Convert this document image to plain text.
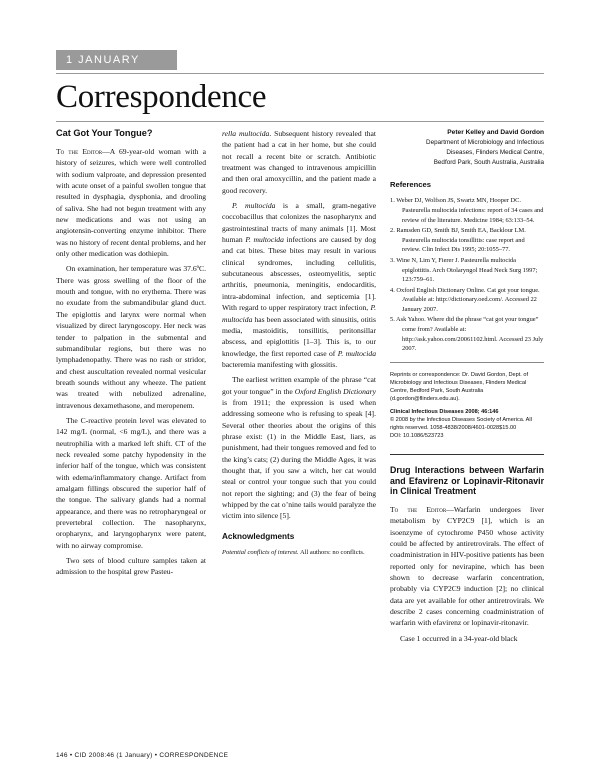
1 JANUARY
Correspondence
Cat Got Your Tongue?

To the Editor—A 69-year-old woman with a history of seizures, which were well controlled with sodium valproate, and depression presented with acute onset of a painful swollen tongue that resulted in dysphagia, dysphonia, and drooling of saliva. She had not begun treatment with any new medications and was not using an angiotensin-converting enzyme inhibitor. There was no history of recent dental problems, and her only other medication was dothiepin.

On examination, her temperature was 37.6ºC. There was gross swelling of the floor of the mouth and tongue, with no erythema. There was no exudate from the submandibular gland duct. The epiglottis and larynx were normal when visualized by direct laryngoscopy. Her neck was tender to palpation in the submental and submandibular regions, but there was no lymphadenopathy. There was no rash or stridor, and chest auscultation revealed normal vesicular breath sounds without any wheeze. The patient was treated with nebulized adrenaline, intravenous dexamethasone, and meropenem.

The C-reactive protein level was elevated to 142 mg/L (normal, <6 mg/L), and there was a neutrophilia with a marked left shift. CT of the neck revealed some patchy hypodensity in the inferior half of the tongue, which was consistent with edema/inflammatory change. Artifact from amalgam fillings obscured the superior half of the tongue. The salivary glands had a normal appearance, and there was no retropharyngeal or prevertebral collection. The nasopharynx, oropharynx, and laryngopharynx were patent, with no airway compromise.

Two sets of blood culture samples taken at admission to the hospital grew Pasteu-

rella multocida. Subsequent history revealed that the patient had a cat in her home, but she could not recall a recent bite or scratch. Antibiotic treatment was changed to intravenous ampicillin and then oral amoxycillin, and the patient made a good recovery.

P. multocida is a small, gram-negative coccobacillus that colonizes the nasopharynx and gastrointestinal tracts of many animals [1]. Most human P. multocida infections are caused by dog and cat bites. These bites may result in various clinical syndromes, including cellulitis, subcutaneous abscesses, osteomyelitis, septic arthritis, pneumonia, meningitis, endocarditis, intra-abdominal infection, and septicemia [1]. With regard to upper respiratory tract infection, P. multocida has been associated with sinusitis, otitis media, mastoiditis, tonsillitis, peritonsillar abscess, and epiglottitis [1–3]. This is, to our knowledge, the first reported case of P. multocida bacteremia manifesting with glossitis.

The earliest written example of the phrase “cat got your tongue” in the Oxford English Dictionary is from 1911; the expression is used when addressing someone who is refusing to speak [4]. Several other theories about the origins of this phrase exist: (1) in the Middle East, liars, as punishment, had their tongues removed and fed to the king’s cats; (2) during the Middle Ages, it was thought that, if you saw a witch, her cat would steal or control your tongue such that you could not report the sighting; and (3) the fear of being whipped by the cat o’nine tails would paralyze the victim into silence [5].

Acknowledgments
Potential conflicts of interest. All authors: no conflicts.
Peter Kelley and David Gordon
Department of Microbiology and Infectious
Diseases, Flinders Medical Centre,
Bedford Park, South Australia, Australia
References
1. Weber DJ, Wolfson JS, Swartz MN, Hooper DC. Pasteurella multocida infections: report of 34 cases and review of the literature. Medicine 1984; 63:133–54.
2. Ramsden GD, Smith BJ, Smith EA, Backlour LM. Pasteurella multocida tonsillitis: case report and review. Clin Infect Dis 1995; 20:1055–77.
3. Wine N, Lim Y, Fierer J. Pasteurella multocida epiglottitis. Arch Otolaryngol Head Neck Surg 1997; 123:759–61.
4. Oxford English Dictionary Online. Cat got your tongue. Available at: http://dictionary.oed.com/. Accessed 22 January 2007.
5. Ask Yahoo. Where did the phrase “cat got your tongue” come from? Available at: http://ask.yahoo.com/20061102.html. Accessed 23 July 2007.
Reprints or correspondence: Dr. David Gordon, Dept. of Microbiology and Infectious Diseases, Flinders Medical Centre, Bedford Park, South Australia (d.gordon@flinders.edu.au).
Clinical Infectious Diseases 2008; 46:146
© 2008 by the Infectious Diseases Society of America. All rights reserved. 1058-4838/2008/4601-0028$15.00
DOI: 10.1086/523723
Drug Interactions between Warfarin and Efavirenz or Lopinavir-Ritonavir in Clinical Treatment

To the Editor—Warfarin undergoes liver metabolism by CYP2C9 [1], which is an isoenzyme of cytochrome P450 whose activity could be affected by antiretrovirals. The effect of coadministration in HIV-positive patients has been reported only for nevirapine, which has been shown to decrease warfarin concentration, probably via CYP2C9 induction [2]; no clinical data are yet available for other antiretrovirals. We describe 2 cases concerning coadministration of warfarin with efavirenz or lopinavir-ritonavir.

Case 1 occurred in a 34-year-old black

146 • CID 2008:46 (1 January) • CORRESPONDENCE
